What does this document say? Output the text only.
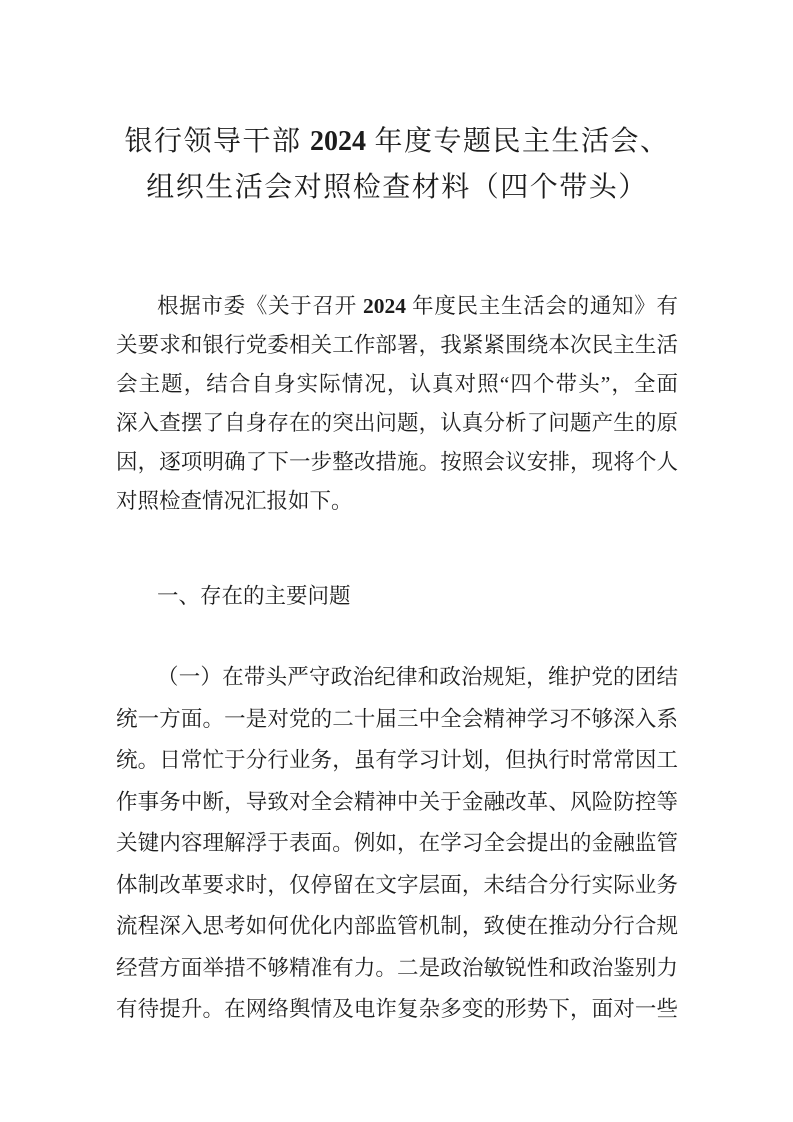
银行领导干部 2024 年度专题民主生活会、
组织生活会对照检查材料（四个带头）
根据市委《关于召开 2024 年度民主生活会的通知》有
关要求和银行党委相关工作部署，我紧紧围绕本次民主生活
会主题，结合自身实际情况，认真对照“四个带头”，全面
深入查摆了自身存在的突出问题，认真分析了问题产生的原
因，逐项明确了下一步整改措施。按照会议安排，现将个人
对照检查情况汇报如下。
一、存在的主要问题
（一）在带头严守政治纪律和政治规矩，维护党的团结
统一方面。一是对党的二十届三中全会精神学习不够深入系
统。日常忙于分行业务，虽有学习计划，但执行时常常因工
作事务中断，导致对全会精神中关于金融改革、风险防控等
关键内容理解浮于表面。例如，在学习全会提出的金融监管
体制改革要求时，仅停留在文字层面，未结合分行实际业务
流程深入思考如何优化内部监管机制，致使在推动分行合规
经营方面举措不够精准有力。二是政治敏锐性和政治鉴别力
有待提升。在网络舆情及电诈复杂多变的形势下，面对一些
